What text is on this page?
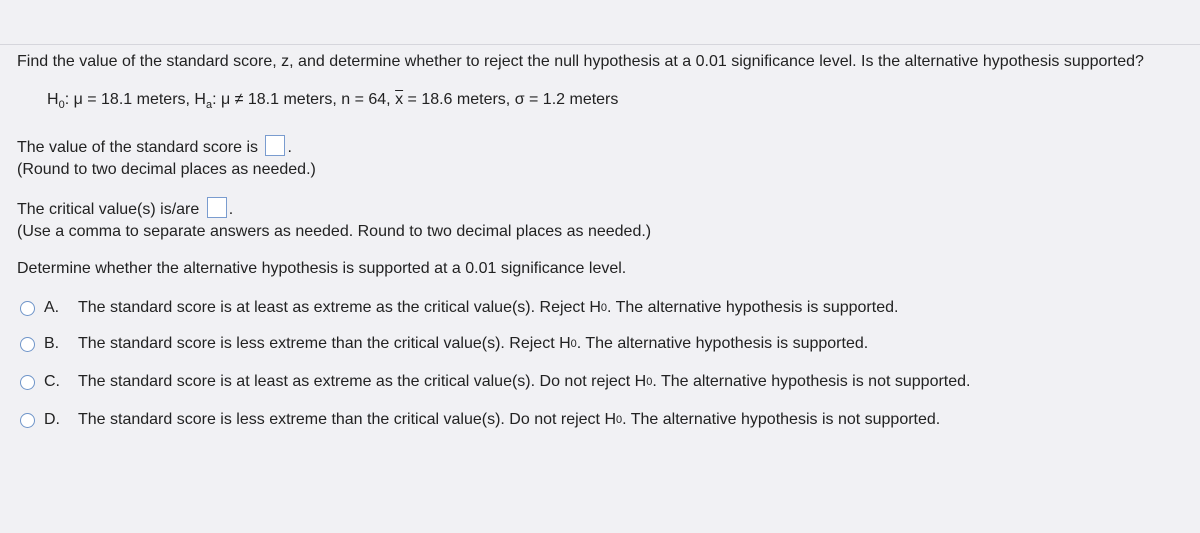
Find the value of the standard score, z, and determine whether to reject the null hypothesis at a 0.01 significance level. Is the alternative hypothesis supported?
$H_0$: μ = 18.1 meters, $H_a$: μ ≠ 18.1 meters, n = 64, $\overline{x} = 18.6$ meters, σ = 1.2 meters
The value of the standard score is .
(Round to two decimal places as needed.)
The critical value(s) is/are .
(Use a comma to separate answers as needed. Round to two decimal places as needed.)
Determine whether the alternative hypothesis is supported at a 0.01 significance level.
A.	The standard score is at least as extreme as the critical value(s). Reject H 0 . The alternative hypothesis is supported.
B.	The standard score is less extreme than the critical value(s). Reject H 0 . The alternative hypothesis is supported.
C.	The standard score is at least as extreme as the critical value(s). Do not reject H 0 . The alternative hypothesis is not supported.
D.	The standard score is less extreme than the critical value(s). Do not reject H 0 . The alternative hypothesis is not supported.
